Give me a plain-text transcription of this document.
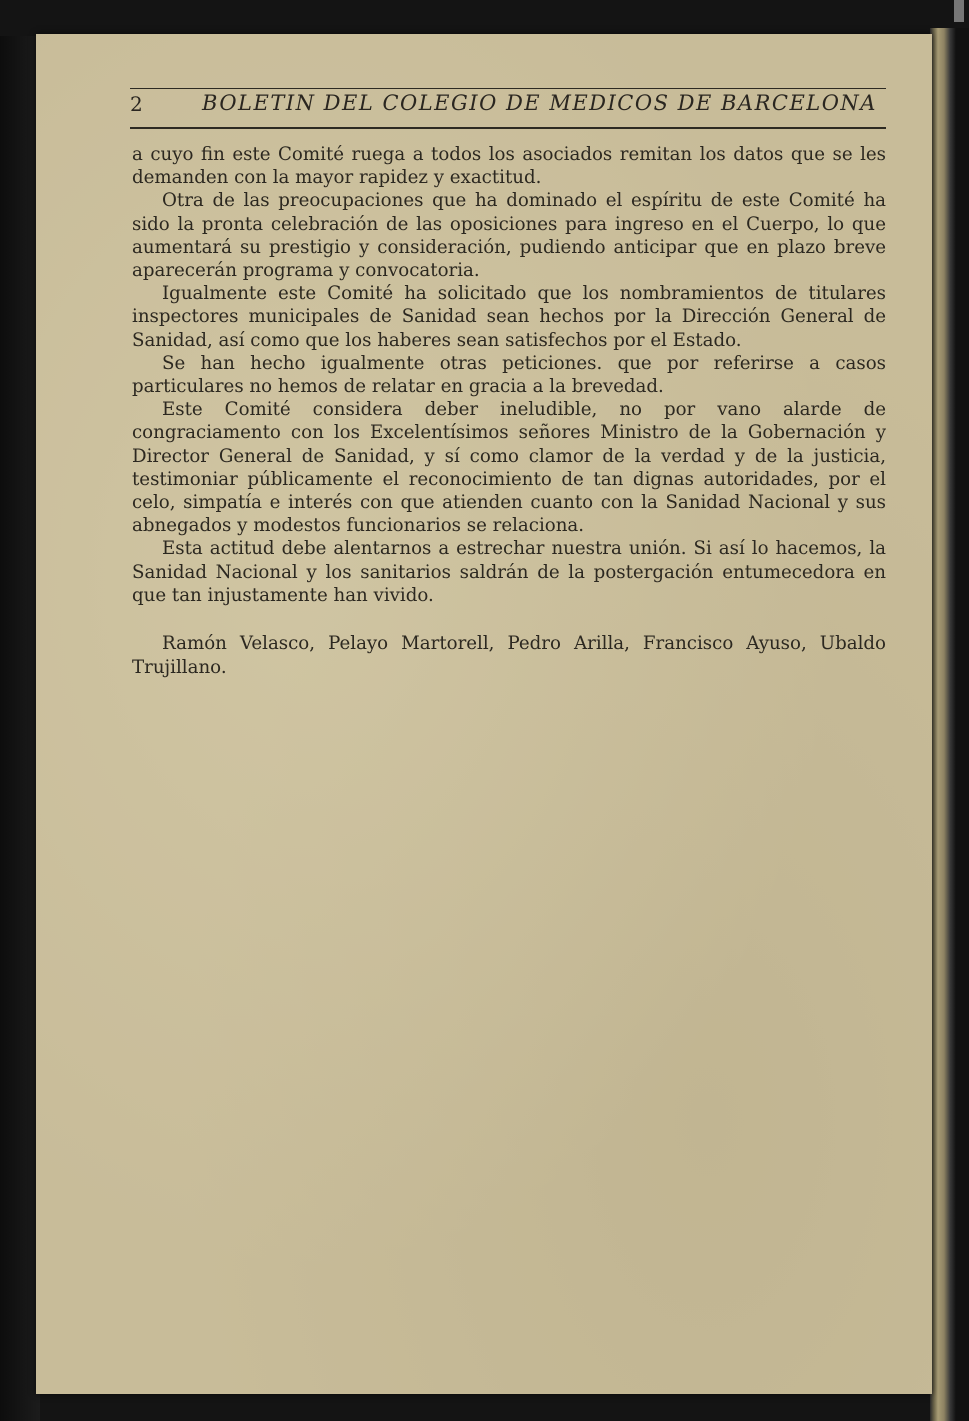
2	BOLETIN DEL COLEGIO DE MEDICOS DE BARCELONA

a cuyo fin este Comité ruega a todos los asociados remitan los datos que se les demanden con la mayor rapidez y exactitud.

Otra de las preocupaciones que ha dominado el espíritu de este Comité ha sido la pronta celebración de las oposiciones para ingreso en el Cuerpo, lo que aumentará su prestigio y consideración, pudiendo anticipar que en plazo breve aparecerán programa y convocatoria.

Igualmente este Comité ha solicitado que los nombramientos de titulares inspectores municipales de Sanidad sean hechos por la Dirección General de Sanidad, así como que los haberes sean satisfechos por el Estado.

Se han hecho igualmente otras peticiones. que por referirse a casos particulares no hemos de relatar en gracia a la brevedad.

Este Comité considera deber ineludible, no por vano alarde de congraciamento con los Excelentísimos señores Ministro de la Gobernación y Director General de Sanidad, y sí como clamor de la verdad y de la justicia, testimoniar públicamente el reconocimiento de tan dignas autoridades, por el celo, simpatía e interés con que atienden cuanto con la Sanidad Nacional y sus abnegados y modestos funcionarios se relaciona.

Esta actitud debe alentarnos a estrechar nuestra unión. Si así lo hacemos, la Sanidad Nacional y los sanitarios saldrán de la postergación entumecedora en que tan injustamente han vivido.

Ramón Velasco, Pelayo Martorell, Pedro Arilla, Francisco Ayuso, Ubaldo Trujillano.
